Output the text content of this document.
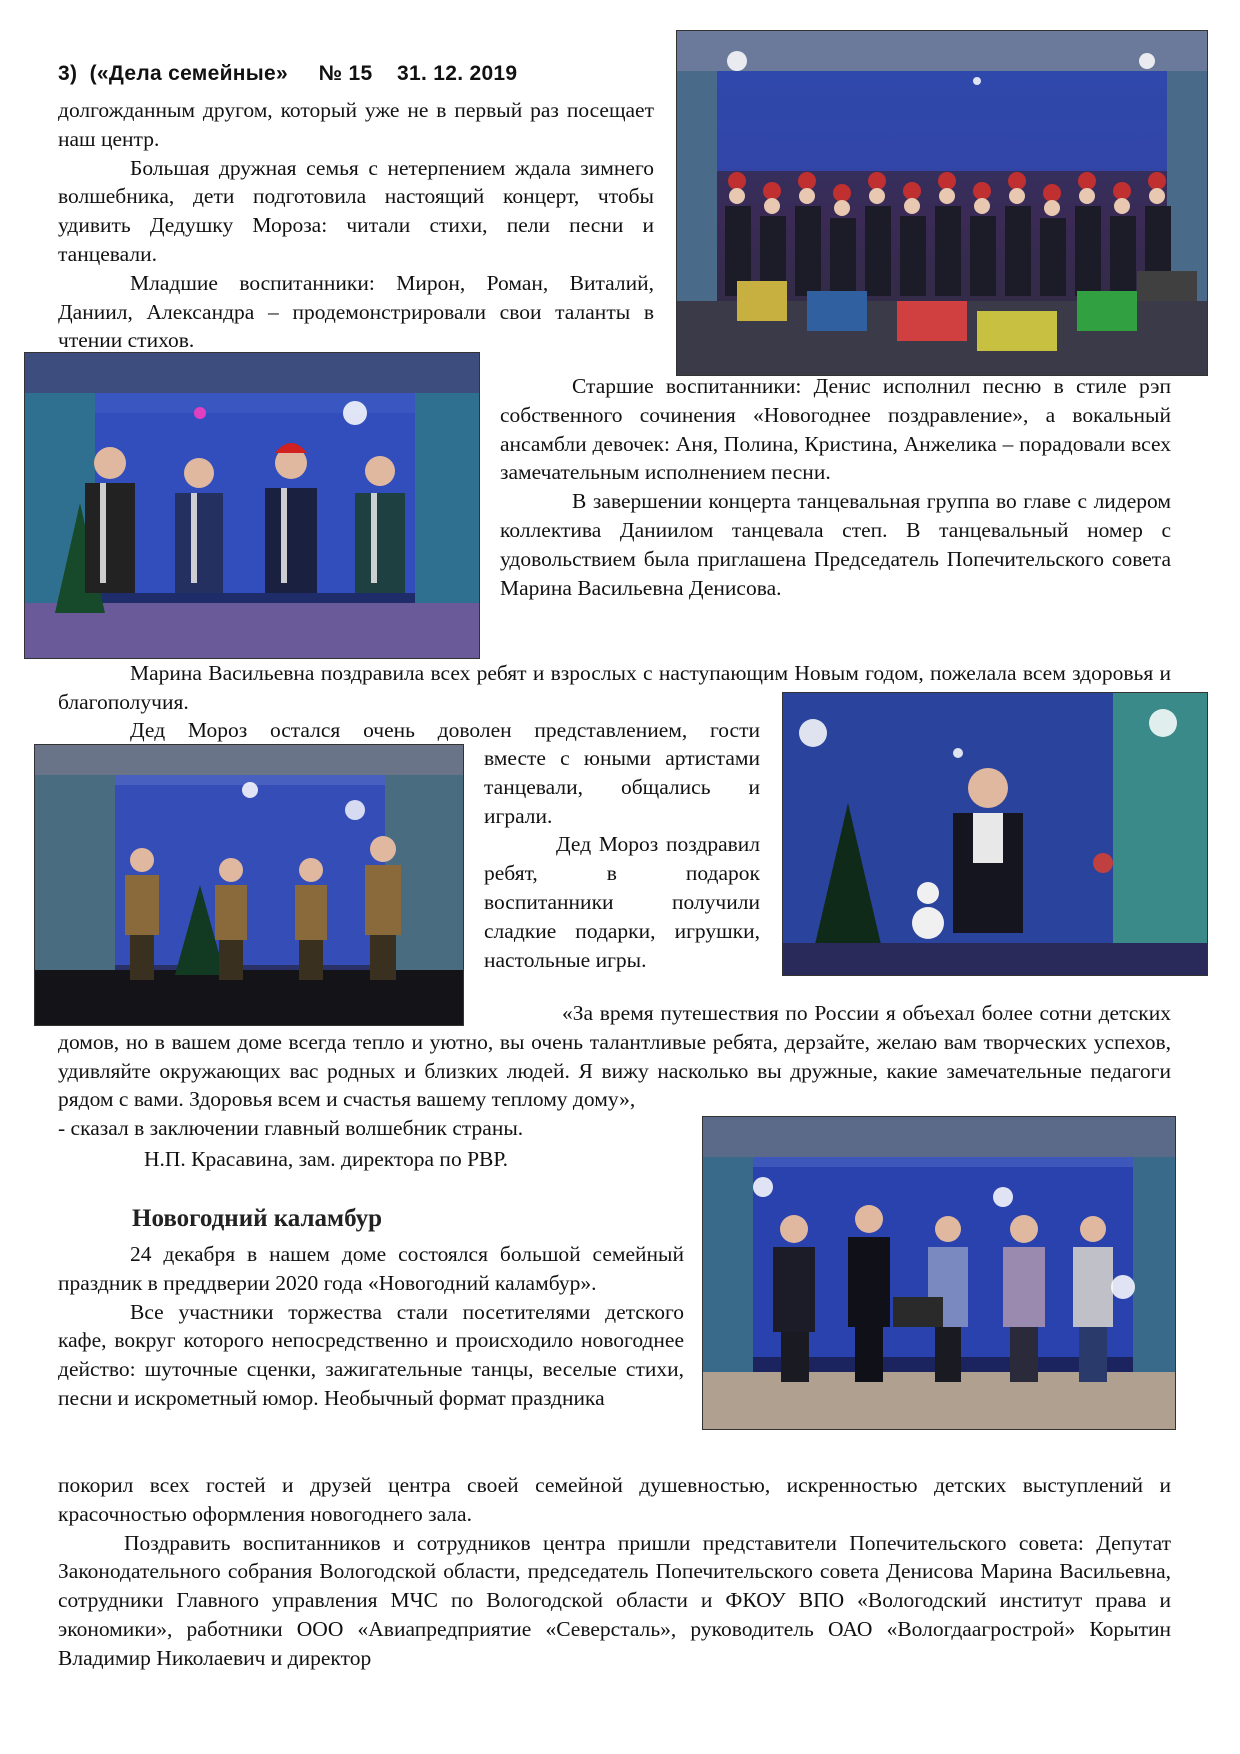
3) («Дела семейные» № 15 31. 12. 2019

долгожданным другом, который уже не в первый раз посещает наш центр.

Большая дружная семья с нетерпением ждала зимнего волшебника, дети подготовила настоящий концерт, чтобы удивить Дедушку Мороза: читали стихи, пели песни и танцевали.

Младшие воспитанники: Мирон, Роман, Виталий, Даниил, Александра – продемонстрировали свои таланты в чтении стихов.

Старшие воспитанники: Денис исполнил песню в стиле рэп собственного сочинения «Новогоднее поздравление», а вокальный ансамбли девочек: Аня, Полина, Кристина, Анжелика – порадовали всех замечательным исполнением песни.

В завершении концерта танцевальная группа во главе с лидером коллектива Даниилом танцевала степ. В танцевальный номер с удовольствием была приглашена Председатель Попечительского совета Марина Васильевна Денисова.

Марина Васильевна поздравила всех ребят и взрослых с наступающим Новым годом, пожелала всем здоровья и благополучия.

Дед Мороз остался очень доволен представлением, гости

вместе с юными артистами танцевали, общались и играли.

Дед Мороз поздравил ребят, в подарок воспитанники получили сладкие подарки, игрушки, настольные игры.

«За время путешествия по России я объехал более сотни детских домов, но в вашем доме всегда тепло и уютно, вы очень талантливые ребята, дерзайте, желаю вам творческих успехов, удивляйте окружающих вас родных и близких людей. Я вижу насколько вы дружные, какие замечательные педагоги рядом с вами. Здоровья всем и счастья вашему теплому дому»,

- сказал в заключении главный волшебник страны.

Н.П. Красавина, зам. директора по РВР.
Новогодний каламбур

24 декабря в нашем доме состоялся большой семейный праздник в преддверии 2020 года «Новогодний каламбур».

Все участники торжества стали посетителями детского кафе, вокруг которого непосредственно и происходило новогоднее действо: шуточные сценки, зажигательные танцы, веселые стихи, песни и искрометный юмор. Необычный формат праздника

покорил всех гостей и друзей центра своей семейной душевностью, искренностью детских выступлений и красочностью оформления новогоднего зала.

Поздравить воспитанников и сотрудников центра пришли представители Попечительского совета: Депутат Законодательного собрания Вологодской области, председатель Попечительского совета Денисова Марина Васильевна, сотрудники Главного управления МЧС по Вологодской области и ФКОУ ВПО «Вологодский институт права и экономики», работники ООО «Авиапредприятие «Северсталь», руководитель ОАО «Вологдаагрострой» Корытин Владимир Николаевич и директор
